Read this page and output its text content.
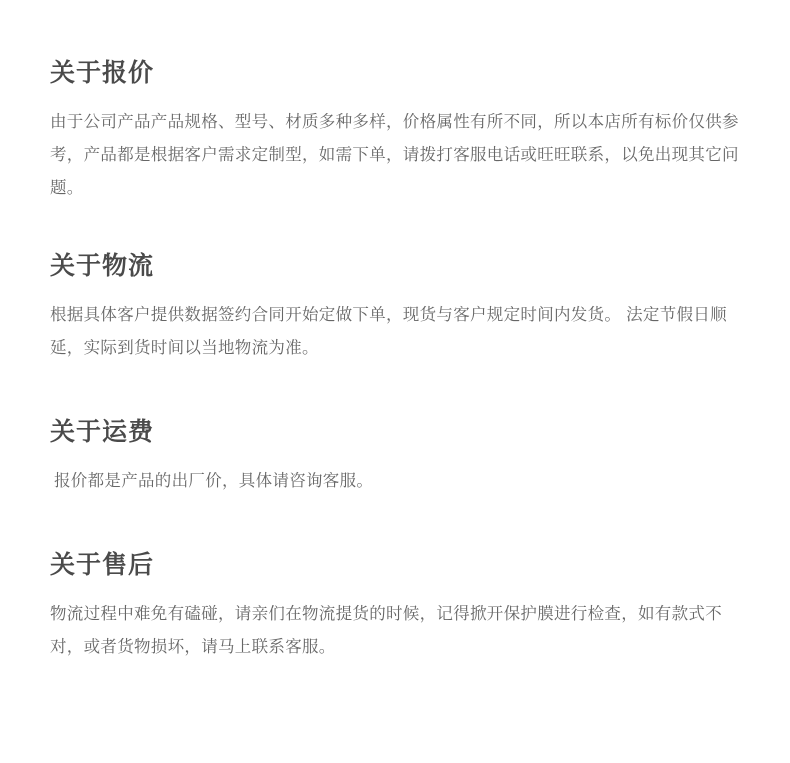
关于报价

由于公司产品产品规格、型号、材质多种多样，价格属性有所不同，所以本店所有标价仅供参考，产品都是根据客户需求定制型，如需下单，请拨打客服电话或旺旺联系，以免出现其它问题。

关于物流

根据具体客户提供数据签约合同开始定做下单，现货与客户规定时间内发货。 法定节假日顺延，实际到货时间以当地物流为准。

关于运费

报价都是产品的出厂价，具体请咨询客服。

关于售后

物流过程中难免有磕碰，请亲们在物流提货的时候，记得掀开保护膜进行检查，如有款式不对，或者货物损坏，请马上联系客服。
